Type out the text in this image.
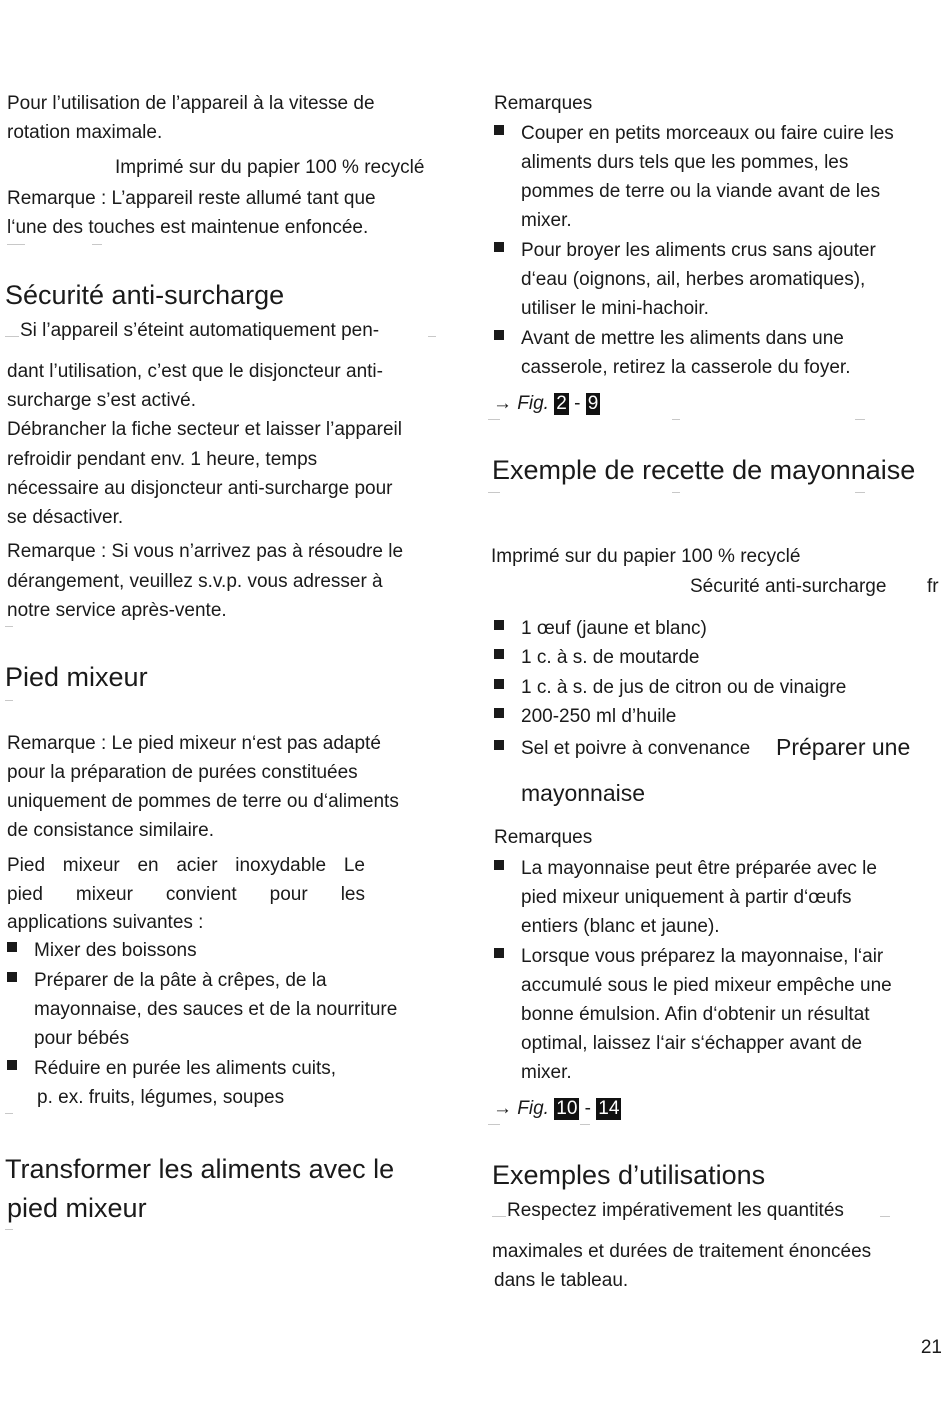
Pour l’utilisation de l’appareil à la vitesse de
rotation maximale.
Imprimé sur du papier 100 % recyclé
Remarque : L’appareil reste allumé tant que
l‘une des touches est maintenue enfoncée.
Sécurité anti-surcharge
Si l’appareil s’éteint automatiquement pen-
dant l’utilisation, c’est que le disjoncteur anti-
surcharge s’est activé.
Débrancher la fiche secteur et laisser l’appareil
refroidir pendant env. 1 heure, temps
nécessaire au disjoncteur anti-surcharge pour
se désactiver.
Remarque : Si vous n’arrivez pas à résoudre le
dérangement, veuillez s.v.p. vous adresser à
notre service après-vente.
Pied mixeur
Remarque : Le pied mixeur n‘est pas adapté
pour la préparation de purées constituées
uniquement de pommes de terre ou d‘aliments
de consistance similaire.
Pied mixeur en acier inoxydable Le
pied mixeur convient pour les
applications suivantes :
Mixer des boissons
Préparer de la pâte à crêpes, de la
mayonnaise, des sauces et de la nourriture
pour bébés
Réduire en purée les aliments cuits,
p. ex. fruits, légumes, soupes
Transformer les aliments avec le
pied mixeur
Remarques
Couper en petits morceaux ou faire cuire les
aliments durs tels que les pommes, les
pommes de terre ou la viande avant de les
mixer.
Pour broyer les aliments crus sans ajouter
d‘eau (oignons, ail, herbes aromatiques),
utiliser le mini-hachoir.
Avant de mettre les aliments dans une
casserole, retirez la casserole du foyer.
→ Fig. 2 - 9
Exemple de recette de mayonnaise
Imprimé sur du papier 100 % recyclé
Sécurité anti-surcharge fr
1 œuf (jaune et blanc)
1 c. à s. de moutarde
1 c. à s. de jus de citron ou de vinaigre
200-250 ml d’huile
Sel et poivre à convenance Préparer une
mayonnaise
Remarques
La mayonnaise peut être préparée avec le
pied mixeur uniquement à partir d‘œufs
entiers (blanc et jaune).
Lorsque vous préparez la mayonnaise, l‘air
accumulé sous le pied mixeur empêche une
bonne émulsion. Afin d‘obtenir un résultat
optimal, laissez l‘air s‘échapper avant de
mixer.
→ Fig. 10 - 14
Exemples d’utilisations
Respectez impérativement les quantités
maximales et durées de traitement énoncées
dans le tableau.
21
